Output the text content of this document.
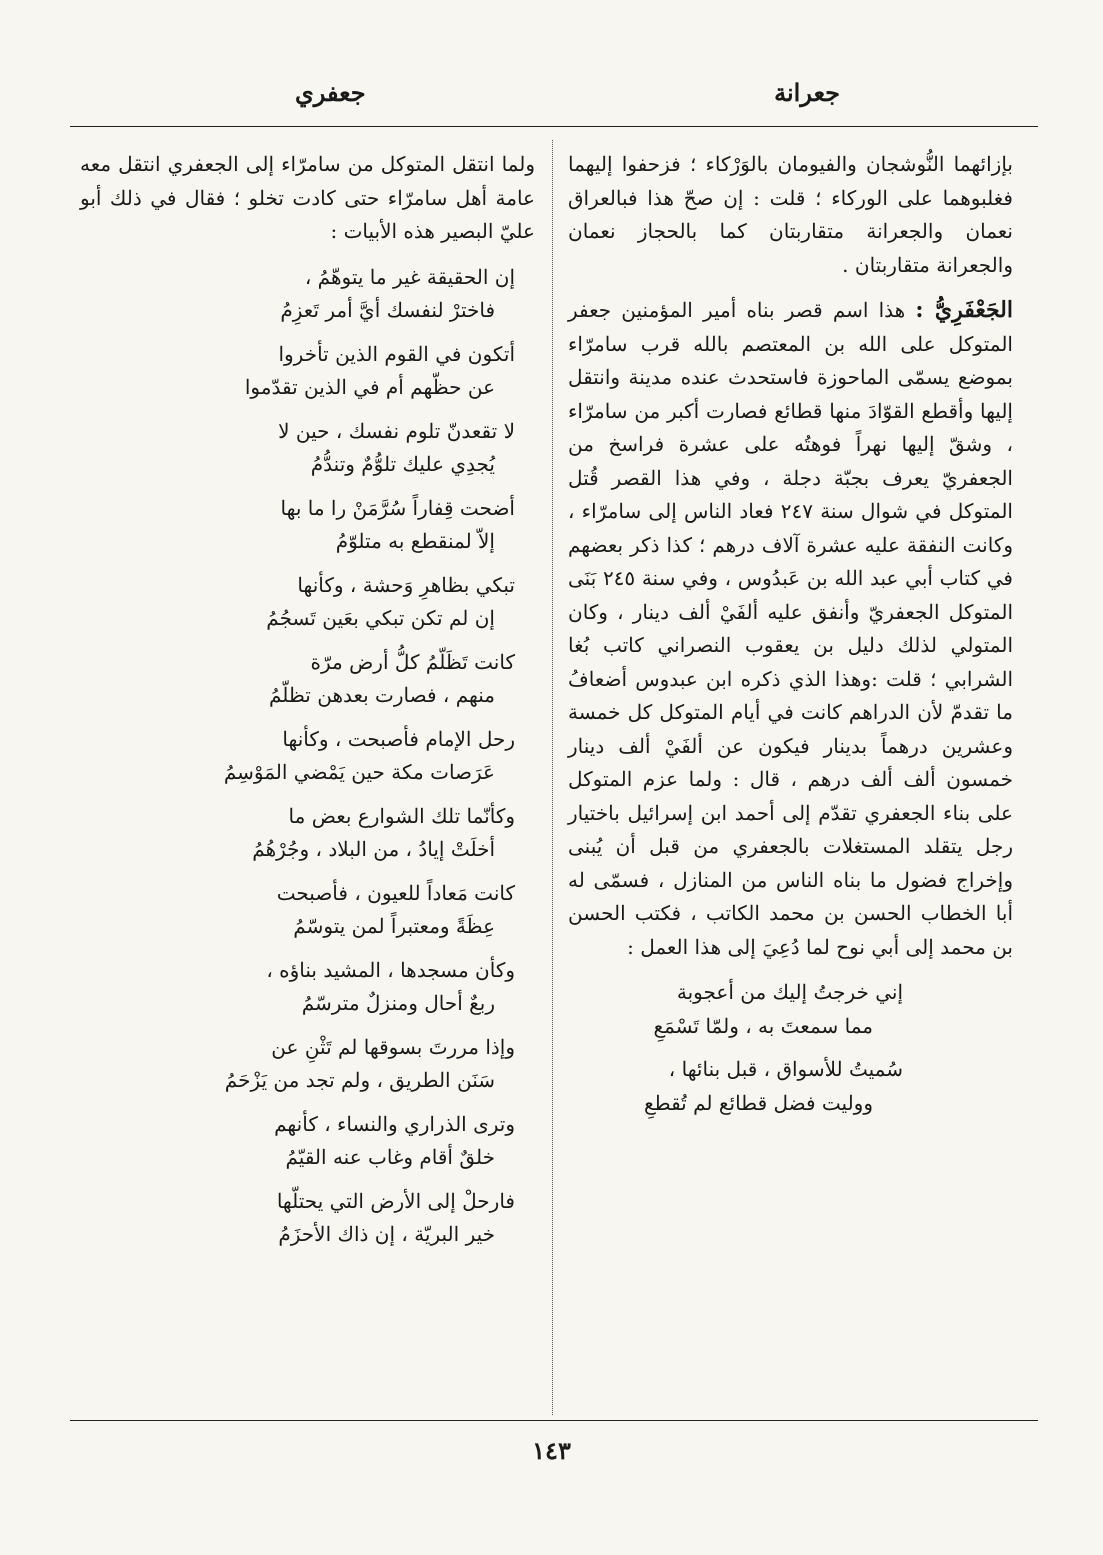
جعرانة
جعفري

بإزائهما النُّوشجان والفيومان بالوَرْكاء ؛ فزحفوا إليهما فغلبوهما على الوركاء ؛ قلت : إن صحّ هذا فبالعراق نعمان والجعرانة متقاربتان كما بالحجاز نعمان والجعرانة متقاربتان .

الجَعْفَرِيُّ : هذا اسم قصر بناه أمير المؤمنين جعفر المتوكل على الله بن المعتصم بالله قرب سامرّاء بموضع يسمّى الماحوزة فاستحدث عنده مدينة وانتقل إليها وأقطع القوّادَ منها قطائع فصارت أكبر من سامرّاء ، وشقّ إليها نهراً فوهتُه على عشرة فراسخ من الجعفريّ يعرف بجبّة دجلة ، وفي هذا القصر قُتل المتوكل في شوال سنة ٢٤٧ فعاد الناس إلى سامرّاء ، وكانت النفقة عليه عشرة آلاف درهم ؛ كذا ذكر بعضهم في كتاب أبي عبد الله بن عَبدُوس ، وفي سنة ٢٤٥ بَنَى المتوكل الجعفريّ وأنفق عليه ألفَيْ ألف دينار ، وكان المتولي لذلك دليل بن يعقوب النصراني كاتب بُغا الشرابي ؛ قلت :وهذا الذي ذكره ابن عبدوس أضعافُ ما تقدمّ لأن الدراهم كانت في أيام المتوكل كل خمسة وعشرين درهماً بدينار فيكون عن ألفَيْ ألف دينار خمسون ألف ألف درهم ، قال : ولما عزم المتوكل على بناء الجعفري تقدّم إلى أحمد ابن إسرائيل باختيار رجل يتقلد المستغلات بالجعفري من قبل أن يُبنى وإخراج فضول ما بناه الناس من المنازل ، فسمّى له أبا الخطاب الحسن بن محمد الكاتب ، فكتب الحسن بن محمد إلى أبي نوح لما دُعِيَ إلى هذا العمل :

إني خرجتُ إليك من أعجوبة
مما سمعتَ به ، ولمّا تَسْمَعِ
سُميتُ للأسواق ، قبل بنائها ،
ووليت فضل قطائع لم تُقطعِ

ولما انتقل المتوكل من سامرّاء إلى الجعفري انتقل معه عامة أهل سامرّاء حتى كادت تخلو ؛ فقال في ذلك أبو عليّ البصير هذه الأبيات :

إن الحقيقة غير ما يتوهّمُ ،
فاخترْ لنفسك أيَّ أمر تَعزِمُ
أتكون في القوم الذين تأخروا
عن حظّهم أم في الذين تقدّموا
لا تقعدنّ تلوم نفسك ، حين لا
يُجدِي عليك تلوُّمٌ وتندُّمُ
أضحت قِفاراً سُرَّمَنْ را ما بها
إلاّ لمنقطع به متلوّمُ
تبكي بظاهرِ وَحشة ، وكأنها
إن لم تكن تبكي بعَين تَسجُمُ
كانت تَظَلّمُ كلُّ أرض مرّة
منهم ، فصارت بعدهن تظلّمُ
رحل الإمام فأصبحت ، وكأنها
عَرَصات مكة حين يَمْضي المَوْسِمُ
وكأنّما تلك الشوارع بعض ما
أخلَتْ إيادُ ، من البلاد ، وجُرْهُمُ
كانت مَعاداً للعيون ، فأصبحت
عِظَةً ومعتبراً لمن يتوسّمُ
وكأن مسجدها ، المشيد بناؤه ،
ربعٌ أحال ومنزلٌ مترسّمُ
وإذا مررتَ بسوقها لم تَثْنِ عن
سَنَن الطريق ، ولم تجد من يَزْحَمُ
وترى الذراري والنساء ، كأنهم
خلقٌ أقام وغاب عنه القيّمُ
فارحلْ إلى الأرض التي يحتلّها
خير البريّة ، إن ذاك الأحزَمُ
١٤٣
